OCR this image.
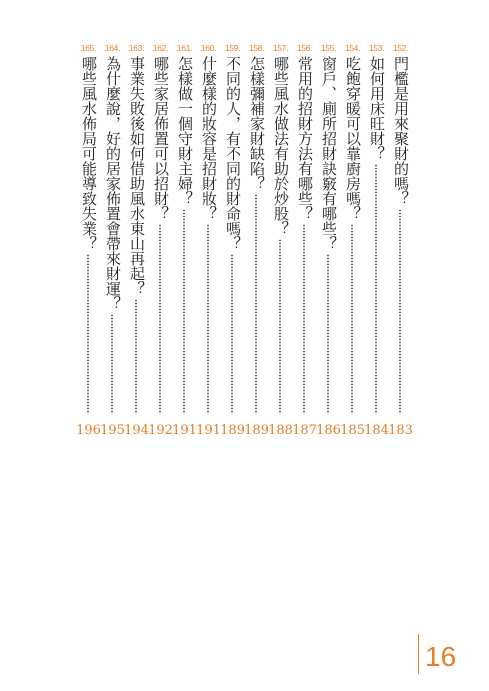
152.
門檻是用來聚財的嗎？
183
153.
如何用床旺財？
184
154.
吃飽穿暖可以靠廚房嗎？
185
155.
窗戶、廁所招財訣竅有哪些？
186
156.
常用的招財方法有哪些？
187
157.
哪些風水做法有助於炒股？
188
158.
怎樣彌補家財缺陷？
189
159.
不同的人，有不同的財命嗎？
189
160.
什麼樣的妝容是招財妝？
191
161.
怎樣做一個守財主婦？
191
162.
哪些家居佈置可以招財？
192
163.
事業失敗後如何借助風水東山再起？
194
164.
為什麼說，好的居家佈置會帶來財運？
195
165.
哪些風水佈局可能導致失業？
196
16
